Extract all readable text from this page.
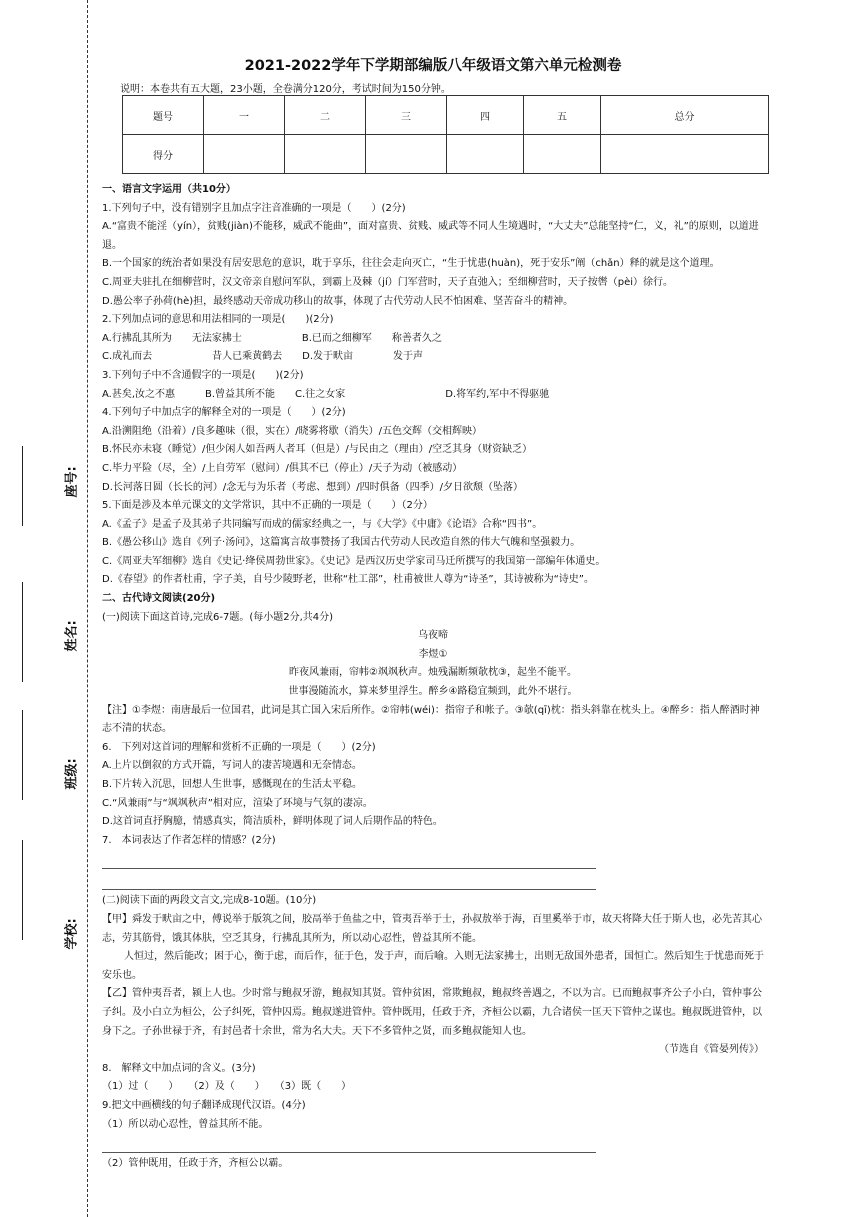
座号:
姓名:
班级:
学校:
2021-2022学年下学期部编版八年级语文第六单元检测卷
说明：本卷共有五大题，23小题，全卷满分120分，考试时间为150分钟。
题号	一	二	三	四	五	总分
得分						

一、语言文字运用（共10分）

1.下列句子中，没有错别字且加点字注音准确的一项是（　　）(2分)

A.“富贵不能淫（yín），贫贱(jiàn)不能移，威武不能曲”，面对富贵、贫贱、威武等不同人生境遇时，“大丈夫”总能坚持“仁，义，礼”的原则，以道进退。

B.一个国家的统治者如果没有居安思危的意识，耽于享乐，往往会走向灭亡，“生于忧患(huàn)，死于安乐”阐（chǎn）释的就是这个道理。

C.周亚夫驻扎在细柳营时，汉文帝亲自慰问军队，到霸上及棘（jí）门军营时，天子直弛入；至细柳营时，天子按辔（pèi）徐行。

D.愚公率子孙荷(hè)担，最终感动天帝成功移山的故事，体现了古代劳动人民不怕困难、坚苦奋斗的精神。

2.下列加点词的意思和用法相同的一项是(　　)(2分)

A.行拂乱其所为　　无法家拂士　　　　　　B.已而之细柳军　　称善者久之

C.成礼而去　　　　　　昔人已乘黄鹤去　　D.发于畎亩　　　　发于声

3.下列句子中不含通假字的一项是(　　)(2分)

A.甚矣,汝之不惠　　　B.曾益其所不能　　C.往之女家　　　　　　　　　　D.将军约,军中不得驱驰

4.下列句子中加点字的解释全对的一项是（　　）(2分)

A.沿溯阻绝（沿着）/良多趣味（很，实在）/晓雾将歇（消失）/五色交辉（交相辉映）

B.怀民亦未寝（睡觉）/但少闲人如吾两人者耳（但是）/与民由之（理由）/空乏其身（财资缺乏）

C.毕力平险（尽，全）/上自劳军（慰问）/俱其不已（停止）/天子为动（被感动）

D.长河落日圆（长长的河）/念无与为乐者（考虑、想到）/四时俱备（四季）/夕日欲颓（坠落）

5.下面是涉及本单元课文的文学常识，其中不正确的一项是（　　）（2分）

A.《孟子》是孟子及其弟子共同编写而成的儒家经典之一，与《大学》《中庸》《论语》合称“四书”。

B.《愚公移山》选自《列子·汤问》，这篇寓言故事赞扬了我国古代劳动人民改造自然的伟大气魄和坚强毅力。

C.《周亚夫军细柳》选自《史记·绛侯周勃世家》。《史记》是西汉历史学家司马迁所撰写的我国第一部编年体通史。

D.《春望》的作者杜甫，字子美，自号少陵野老，世称“杜工部”，杜甫被世人尊为“诗圣”，其诗被称为“诗史”。

二、古代诗文阅读(20分)

(一)阅读下面这首诗,完成6-7题。(每小题2分,共4分)

乌夜啼

李煜①

昨夜风兼雨，帘帏②飒飒秋声。烛残漏断频欹枕③，起坐不能平。

世事漫随流水，算来梦里浮生。醉乡④路稳宜频到，此外不堪行。

【注】①李煜：南唐最后一位国君，此词是其亡国入宋后所作。②帘帏(wéi)：指帘子和帐子。③欹(qī)枕：指头斜靠在枕头上。④醉乡：指人醉酒时神志不清的状态。

6.　下列对这首词的理解和赏析不正确的一项是（　　）(2分)

A.上片以倒叙的方式开篇，写词人的凄苦境遇和无奈情态。

B.下片转入沉思，回想人生世事，感慨现在的生活太平稳。

C.“风兼雨”与“飒飒秋声”相对应，渲染了环境与气氛的凄凉。

D.这首词直抒胸臆，情感真实，简洁质朴，鲜明体现了词人后期作品的特色。

7.　本词表达了作者怎样的情感？(2分)

(二)阅读下面的两段文言文,完成8-10题。(10分)

【甲】舜发于畎亩之中，傅说举于版筑之间，胶鬲举于鱼盐之中，管夷吾举于士，孙叔敖举于海，百里奚举于市，故天将降大任于斯人也，必先苦其心志，劳其筋骨，饿其体肤，空乏其身，行拂乱其所为，所以动心忍性，曾益其所不能。

人恒过，然后能改；困于心，衡于虑，而后作，征于色，发于声，而后喻。入则无法家拂士，出则无敌国外患者，国恒亡。然后知生于忧患而死于安乐也。

【乙】管仲夷吾者，颍上人也。少时常与鲍叔牙游，鲍叔知其贤。管仲贫困，常欺鲍叔，鲍叔终善遇之，不以为言。已而鲍叔事齐公子小白，管仲事公子纠。及小白立为桓公，公子纠死，管仲囚焉。鲍叔遂进管仲。管仲既用，任政于齐，齐桓公以霸，九合诸侯一匡天下管仲之谋也。鲍叔既进管仲，以身下之。子孙世禄于齐，有封邑者十余世，常为名大夫。天下不多管仲之贤，而多鲍叔能知人也。

（节选自《管晏列传》）

8.　解释文中加点词的含义。(3分)

（1）过（　　）　　（2）及（　　）　　（3）既（　　）

9.把文中画横线的句子翻译成现代汉语。(4分)

（1）所以动心忍性，曾益其所不能。

（2）管仲既用，任政于齐，齐桓公以霸。
